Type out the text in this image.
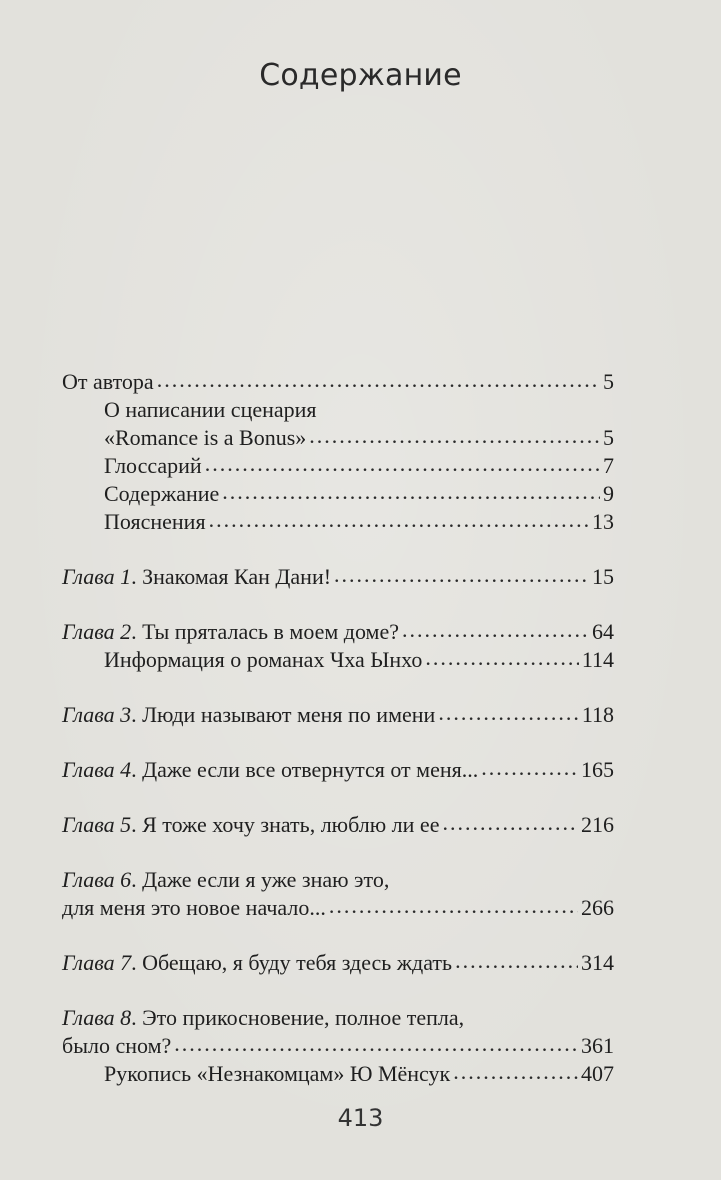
Содержание
От автора .....	5
О написании сценария
«Romance is a Bonus» .....	5
Глоссарий .....	7
Содержание .....	9
Пояснения .....	13
Глава 1. Знакомая Кан Дани! .....	15
Глава 2. Ты пряталась в моем доме? .....	64
Информация о романах Чха Ынхо .....	114
Глава 3. Люди называют меня по имени .....	118
Глава 4. Даже если все отвернутся от меня... .....	165
Глава 5. Я тоже хочу знать, люблю ли ее .....	216
Глава 6. Даже если я уже знаю это,
для меня это новое начало... .....	266
Глава 7. Обещаю, я буду тебя здесь ждать .....	314
Глава 8. Это прикосновение, полное тепла,
было сном? .....	361
Рукопись «Незнакомцам» Ю Мёнсук .....	407
413
